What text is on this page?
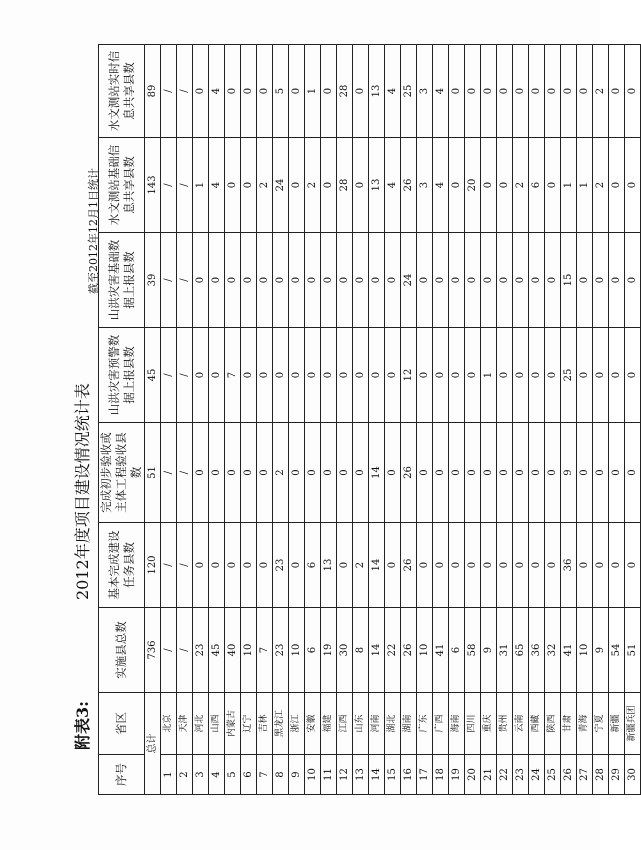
附表3:
2012年度项目建设情况统计表
截至2012年12月1日统计
序号	省区	实施县总数	基本完成建设任务县数	完成初步验收或主体工程验收县数	山洪灾害预警数据上报县数	山洪灾害基础数据上报县数	水文测站基础信息共享县数	水文测站实时信息共享县数
总计		736	120	51	45	39	143	89
1	北京	/	/	/	/	/	/	/
2	天津	/	/	/	/	/	/	/
3	河北	23	0	0	0	0	1	0
4	山西	45	0	0	0	0	4	4
5	内蒙古	40	0	0	7	0	0	0
6	辽宁	10	0	0	0	0	0	0
7	吉林	7	0	0	0	0	2	0
8	黑龙江	23	23	2	0	0	24	5
9	浙江	10	0	0	0	0	0	0
10	安徽	6	6	0	0	0	2	1
11	福建	19	13	0	0	0	0	0
12	江西	30	0	0	0	0	28	28
13	山东	8	2	0	0	0	0	0
14	河南	14	14	14	0	0	13	13
15	湖北	22	0	0	0	0	4	4
16	湖南	26	26	26	12	24	26	25
17	广东	10	0	0	0	0	3	3
18	广西	41	0	0	0	0	4	4
19	海南	6	0	0	0	0	0	0
20	四川	58	0	0	0	0	20	0
21	重庆	9	0	0	1	0	0	0
22	贵州	31	0	0	0	0	0	0
23	云南	65	0	0	0	0	2	0
24	西藏	36	0	0	0	0	6	0
25	陕西	32	0	0	0	0	0	0
26	甘肃	41	36	9	25	15	1	0
27	青海	10	0	0	0	0	1	0
28	宁夏	9	0	0	0	0	2	2
29	新疆	54	0	0	0	0	0	0
30	新疆兵团	51	0	0	0	0	0	0
